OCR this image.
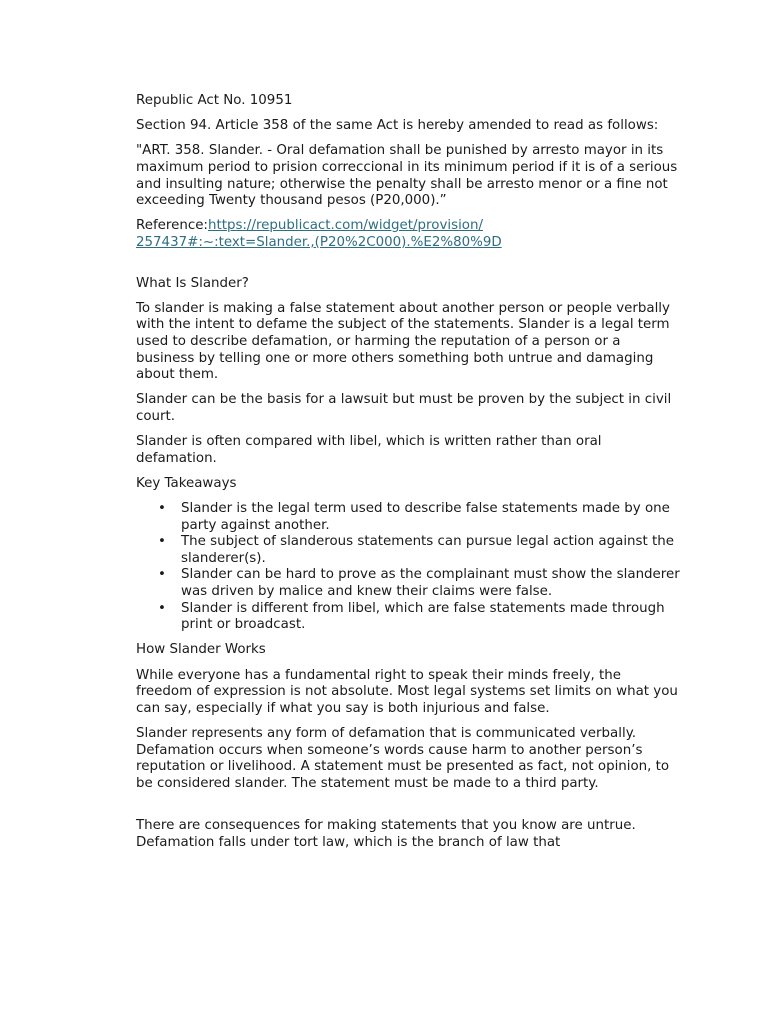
Republic Act No. 10951

Section 94. Article 358 of the same Act is hereby amended to read as follows:

"ART. 358. Slander. - Oral defamation shall be punished by arresto mayor in its maximum period to prision correccional in its minimum period if it is of a serious and insulting nature; otherwise the penalty shall be arresto menor or a fine not exceeding Twenty thousand pesos (P20,000).”

Reference:https://republicact.com/widget/provision/
257437#:~:text=Slander.,(P20%2C000).%E2%80%9D

What Is Slander?

To slander is making a false statement about another person or people verbally with the intent to defame the subject of the statements. Slander is a legal term used to describe defamation, or harming the reputation of a person or a business by telling one or more others something both untrue and damaging about them.

Slander can be the basis for a lawsuit but must be proven by the subject in civil court.

Slander is often compared with libel, which is written rather than oral defamation.

Key Takeaways

• Slander is the legal term used to describe false statements made by one party against another.
• The subject of slanderous statements can pursue legal action against the slanderer(s).
• Slander can be hard to prove as the complainant must show the slanderer was driven by malice and knew their claims were false.
• Slander is different from libel, which are false statements made through print or broadcast.

How Slander Works

While everyone has a fundamental right to speak their minds freely, the freedom of expression is not absolute. Most legal systems set limits on what you can say, especially if what you say is both injurious and false.

Slander represents any form of defamation that is communicated verbally. Defamation occurs when someone’s words cause harm to another person’s reputation or livelihood. A statement must be presented as fact, not opinion, to be considered slander. The statement must be made to a third party.

There are consequences for making statements that you know are untrue. Defamation falls under tort law, which is the branch of law that
